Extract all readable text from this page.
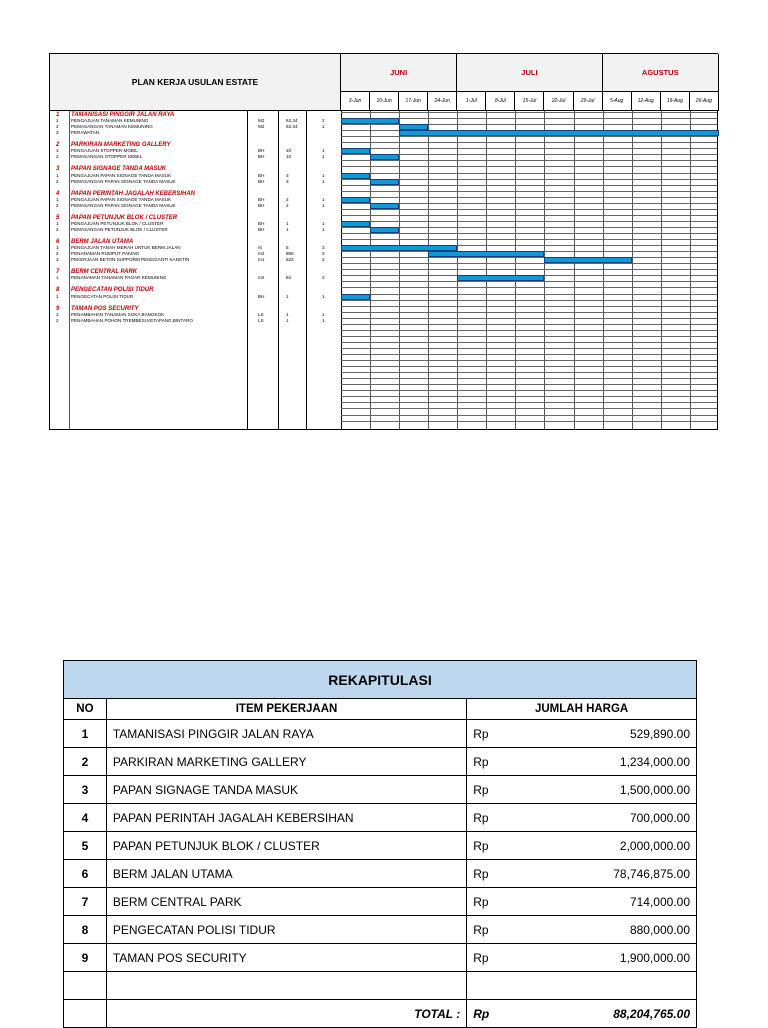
PLAN KERJA USULAN ESTATE
JUNI	JULI	AGUSTUS
3-Jun	10-Jun	17-Jun	24-Jun	1-Jul	8-Jul	15-Jul	22-Jul	29-Jul	5-Aug	12-Aug	19-Aug	26-Aug
1 TAMANISASI PINGGIR JALAN RAYA
1	PENGAJUAN TANAMAN KEMUNING	M2	62.34	2
2	PEMASANGAN TANAMAN KEMUNING	M2	62.34	1
3	PERAWATAN
2 PARKIRAN MARKETING GALLERY
1	PENGAJUAN STOPPER MOBIL	BH	10	1
2	PEMASANGAN STOPPER MOBIL	BH	10	1
3 PAPAN SIGNAGE TANDA MASUK
1	PENGAJUAN PAPAN SIGNAGE TANDA MASUK	BH	3	1
2	PEMASANGAN PAPAN SIGNAGE TANDA MASUK	BH	3	1
4 PAPAN PERINTAH JAGALAH KEBERSIHAN
1	PENGAJUAN PAPAN SIGNAGE TANDA MASUK	BH	2	1
2	PEMASANGAN PAPAN SIGNAGE TANDA MASUK	BH	2	1
5 PAPAN PETUNJUK BLOK / CLUSTER
1	PENGAJUAN PETUNJUK BLOK / CLUSTER	BH	1	1
2	PEMASANGAN PETUNJUK BLOK / CLUSTER	BH	1	1
6 BERM JALAN UTAMA
1	PENGAJUAN TANAH MERAH UNTUK BERM JALAN	rit	5	3
2	PENANAMAN RUMPUT PAKING	m2	888	3
3	PEKERJAAN BETON SUPPORM PENGGANTI KANSTIN	m1	522	2
7 BERM CENTRAL PARK
1	PENANAMAN TANAMAN PAGAR KEMUNING	m2	84	2
8 PENGECATAN POLISI TIDUR
1	PENGECATAN POLISI TIDUR	BH	1	1
9 TAMAN POS SECURITY
1	PENAMBAHAN TANAMAN SOKA BANGKOK	LS	1	1
2	PENAMBAHAN POHON TREMBESI,KETAPANG,BINTARO	LS	1	1
REKAPITULASI		
NO	ITEM PEKERJAAN	JUMLAH HARGA
1	TAMANISASI PINGGIR JALAN RAYA	Rp 529,890.00

2	PARKIRAN MARKETING GALLERY	Rp 1,234,000.00

3	PAPAN SIGNAGE TANDA MASUK	Rp 1,500,000.00

4	PAPAN PERINTAH JAGALAH KEBERSIHAN	Rp 700,000.00

5	PAPAN PETUNJUK BLOK / CLUSTER	Rp 2,000,000.00

6	BERM JALAN UTAMA	Rp 78,746,875.00

7	BERM CENTRAL PARK	Rp 714,000.00

8	PENGECATAN POLISI TIDUR	Rp 880,000.00

9	TAMAN POS SECURITY	Rp 1,900,000.00

	TOTAL :	Rp 88,204,765.00
